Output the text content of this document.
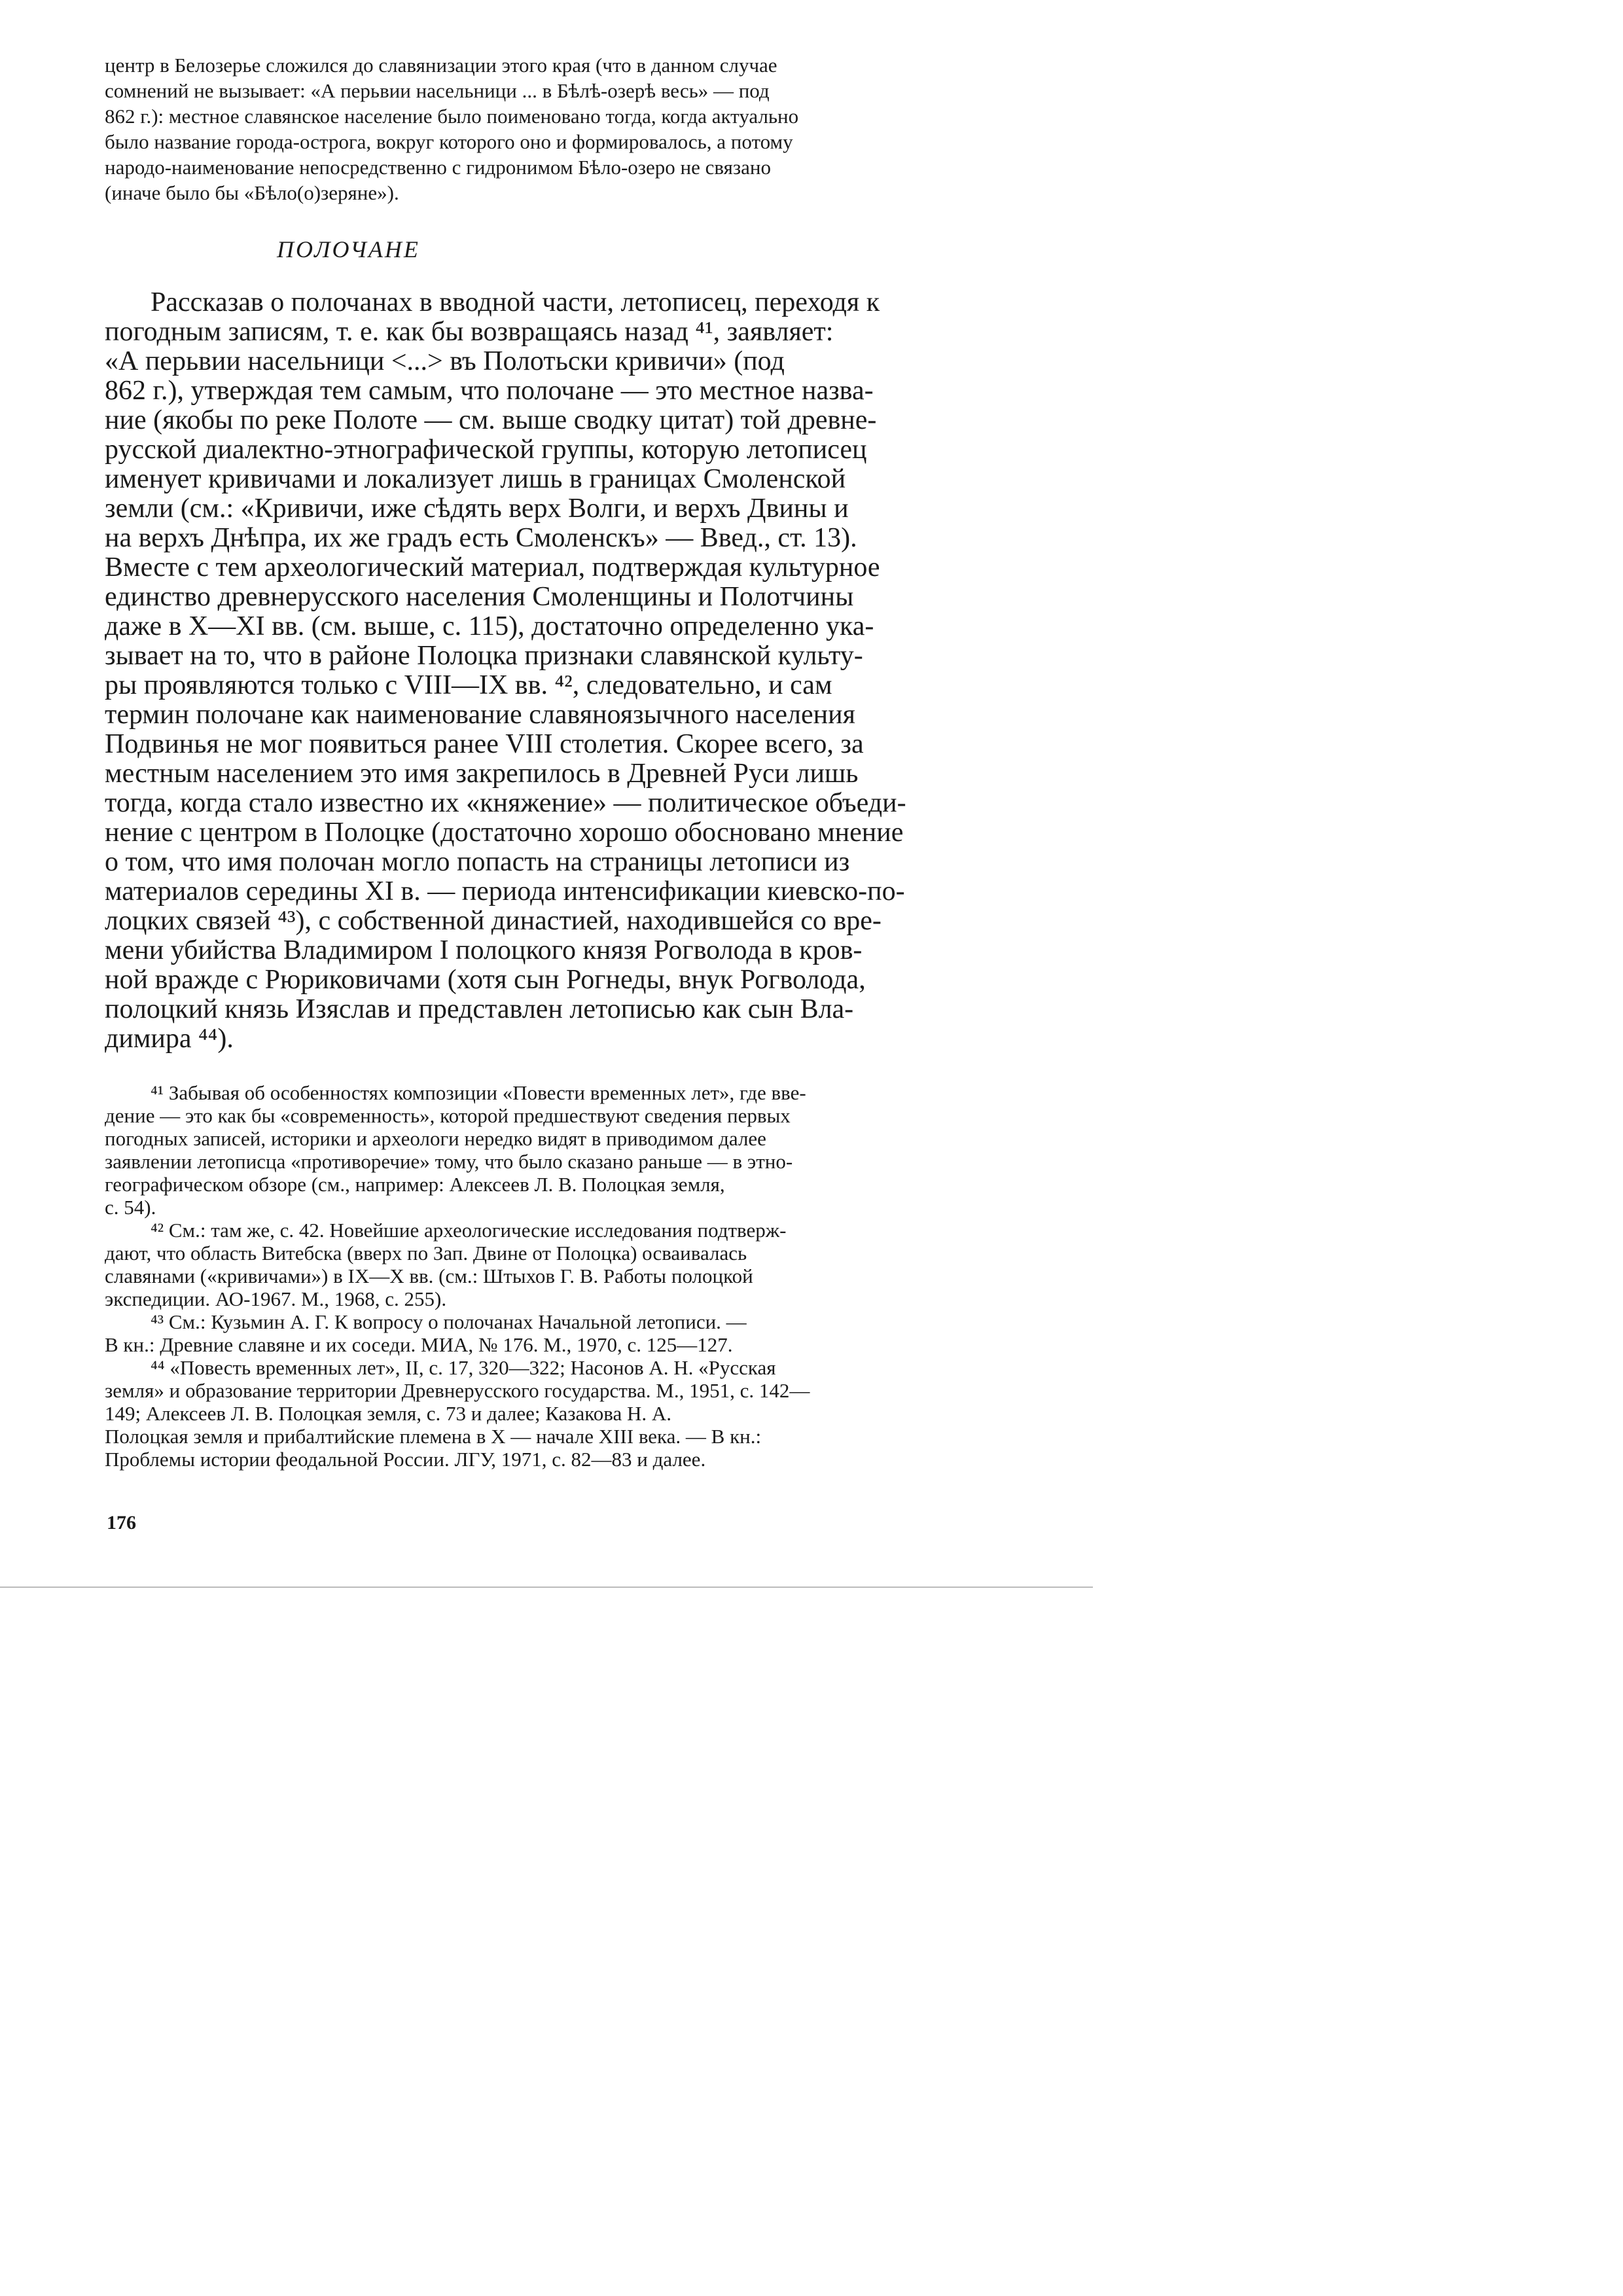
центр в Белозерье сложился до славянизации этого края (что в данном случае
сомнений не вызывает: «А перьвии насельници ... в Бѣлѣ-озерѣ весь» — под
862 г.): местное славянское население было поименовано тогда, когда актуально
было название города-острога, вокруг которого оно и формировалось, а потому
народо-наименование непосредственно с гидронимом Бѣло-озеро не связано
(иначе было бы «Бѣло(о)зеряне»).
ПОЛОЧАНЕ
Рассказав о полочанах в вводной части, летописец, переходя к
погодным записям, т. е. как бы возвращаясь назад ⁴¹, заявляет:
«А перьвии насельници <...> въ Полотьски кривичи» (под
862 г.), утверждая тем самым, что полочане — это местное назва-
ние (якобы по реке Полоте — см. выше сводку цитат) той древне-
русской диалектно-этнографической группы, которую летописец
именует кривичами и локализует лишь в границах Смоленской
земли (см.: «Кривичи, иже сѣдять верх Волги, и верхъ Двины и
на верхъ Днѣпра, их же градъ есть Смоленскъ» — Введ., ст. 13).
Вместе с тем археологический материал, подтверждая культурное
единство древнерусского населения Смоленщины и Полотчины
даже в X—XI вв. (см. выше, с. 115), достаточно определенно ука-
зывает на то, что в районе Полоцка признаки славянской культу-
ры проявляются только с VIII—IX вв. ⁴², следовательно, и сам
термин полочане как наименование славяноязычного населения
Подвинья не мог появиться ранее VIII столетия. Скорее всего, за
местным населением это имя закрепилось в Древней Руси лишь
тогда, когда стало известно их «княжение» — политическое объеди-
нение с центром в Полоцке (достаточно хорошо обосновано мнение
о том, что имя полочан могло попасть на страницы летописи из
материалов середины XI в. — периода интенсификации киевско-по-
лоцких связей ⁴³), с собственной династией, находившейся со вре-
мени убийства Владимиром I полоцкого князя Рогволода в кров-
ной вражде с Рюриковичами (хотя сын Рогнеды, внук Рогволода,
полоцкий князь Изяслав и представлен летописью как сын Вла-
димира ⁴⁴).
⁴¹ Забывая об особенностях композиции «Повести временных лет», где вве-
дение — это как бы «современность», которой предшествуют сведения первых
погодных записей, историки и археологи нередко видят в приводимом далее
заявлении летописца «противоречие» тому, что было сказано раньше — в этно-
географическом обзоре (см., например: Алексеев Л. В. Полоцкая земля,
с. 54).
⁴² См.: там же, с. 42. Новейшие археологические исследования подтверж-
дают, что область Витебска (вверх по Зап. Двине от Полоцка) осваивалась
славянами («кривичами») в IX—X вв. (см.: Штыхов Г. В. Работы полоцкой
экспедиции. АО-1967. М., 1968, с. 255).
⁴³ См.: Кузьмин А. Г. К вопросу о полочанах Начальной летописи. —
В кн.: Древние славяне и их соседи. МИА, № 176. М., 1970, с. 125—127.
⁴⁴ «Повесть временных лет», II, с. 17, 320—322; Насонов А. Н. «Русская
земля» и образование территории Древнерусского государства. М., 1951, с. 142—
149; Алексеев Л. В. Полоцкая земля, с. 73 и далее; Казакова Н. А.
Полоцкая земля и прибалтийские племена в X — начале XIII века. — В кн.:
Проблемы истории феодальной России. ЛГУ, 1971, с. 82—83 и далее.
176
